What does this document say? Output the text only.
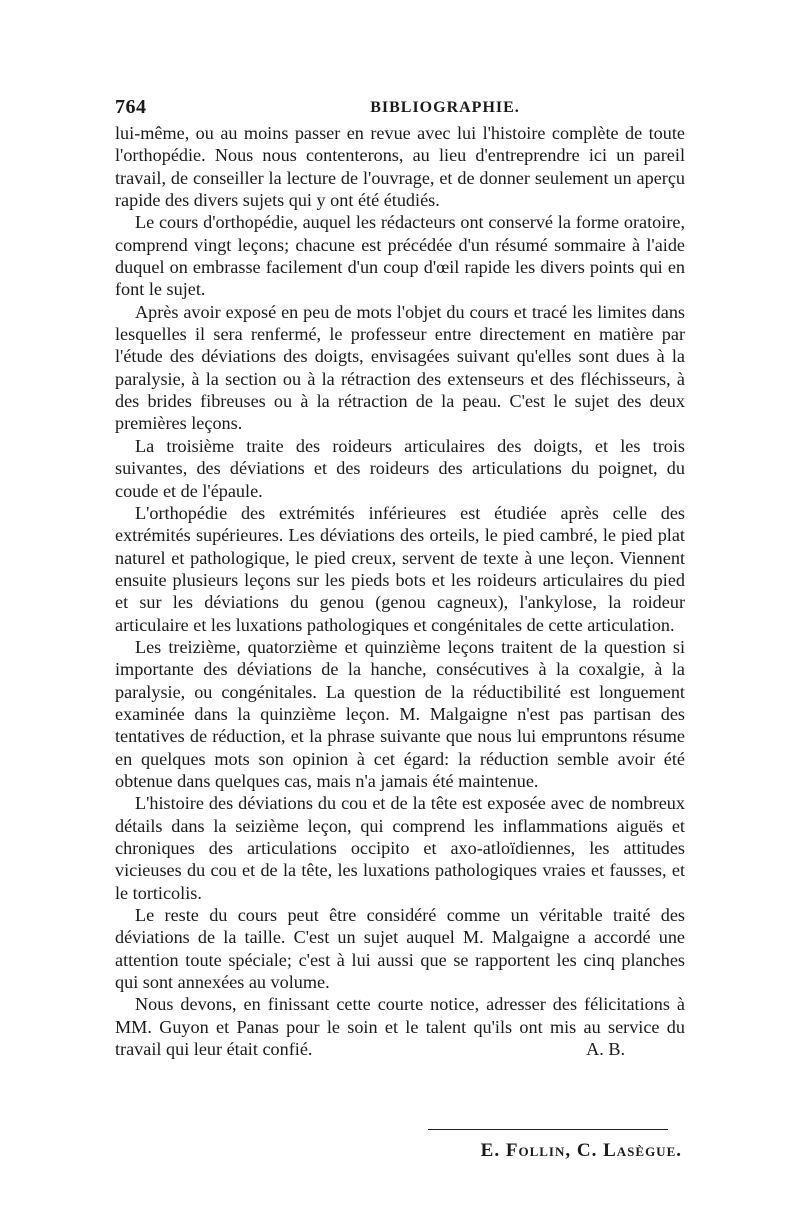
764	BIBLIOGRAPHIE.

lui-même, ou au moins passer en revue avec lui l'histoire complète de toute l'orthopédie. Nous nous contenterons, au lieu d'entreprendre ici un pareil travail, de conseiller la lecture de l'ouvrage, et de donner seulement un aperçu rapide des divers sujets qui y ont été étudiés.

Le cours d'orthopédie, auquel les rédacteurs ont conservé la forme oratoire, comprend vingt leçons; chacune est précédée d'un résumé sommaire à l'aide duquel on embrasse facilement d'un coup d'œil rapide les divers points qui en font le sujet.

Après avoir exposé en peu de mots l'objet du cours et tracé les limites dans lesquelles il sera renfermé, le professeur entre directement en matière par l'étude des déviations des doigts, envisagées suivant qu'elles sont dues à la paralysie, à la section ou à la rétraction des extenseurs et des fléchisseurs, à des brides fibreuses ou à la rétraction de la peau. C'est le sujet des deux premières leçons.

La troisième traite des roideurs articulaires des doigts, et les trois suivantes, des déviations et des roideurs des articulations du poignet, du coude et de l'épaule.

L'orthopédie des extrémités inférieures est étudiée après celle des extrémités supérieures. Les déviations des orteils, le pied cambré, le pied plat naturel et pathologique, le pied creux, servent de texte à une leçon. Viennent ensuite plusieurs leçons sur les pieds bots et les roideurs articulaires du pied et sur les déviations du genou (genou cagneux), l'ankylose, la roideur articulaire et les luxations pathologiques et congénitales de cette articulation.

Les treizième, quatorzième et quinzième leçons traitent de la question si importante des déviations de la hanche, consécutives à la coxalgie, à la paralysie, ou congénitales. La question de la réductibilité est longuement examinée dans la quinzième leçon. M. Malgaigne n'est pas partisan des tentatives de réduction, et la phrase suivante que nous lui empruntons résume en quelques mots son opinion à cet égard: la réduction semble avoir été obtenue dans quelques cas, mais n'a jamais été maintenue.

L'histoire des déviations du cou et de la tête est exposée avec de nombreux détails dans la seizième leçon, qui comprend les inflammations aiguës et chroniques des articulations occipito et axo-atloïdiennes, les attitudes vicieuses du cou et de la tête, les luxations pathologiques vraies et fausses, et le torticolis.

Le reste du cours peut être considéré comme un véritable traité des déviations de la taille. C'est un sujet auquel M. Malgaigne a accordé une attention toute spéciale; c'est à lui aussi que se rapportent les cinq planches qui sont annexées au volume.

Nous devons, en finissant cette courte notice, adresser des félicitations à MM. Guyon et Panas pour le soin et le talent qu'ils ont mis au service du travail qui leur était confié.	A. B.

E. Follin, C. Lasègue.
